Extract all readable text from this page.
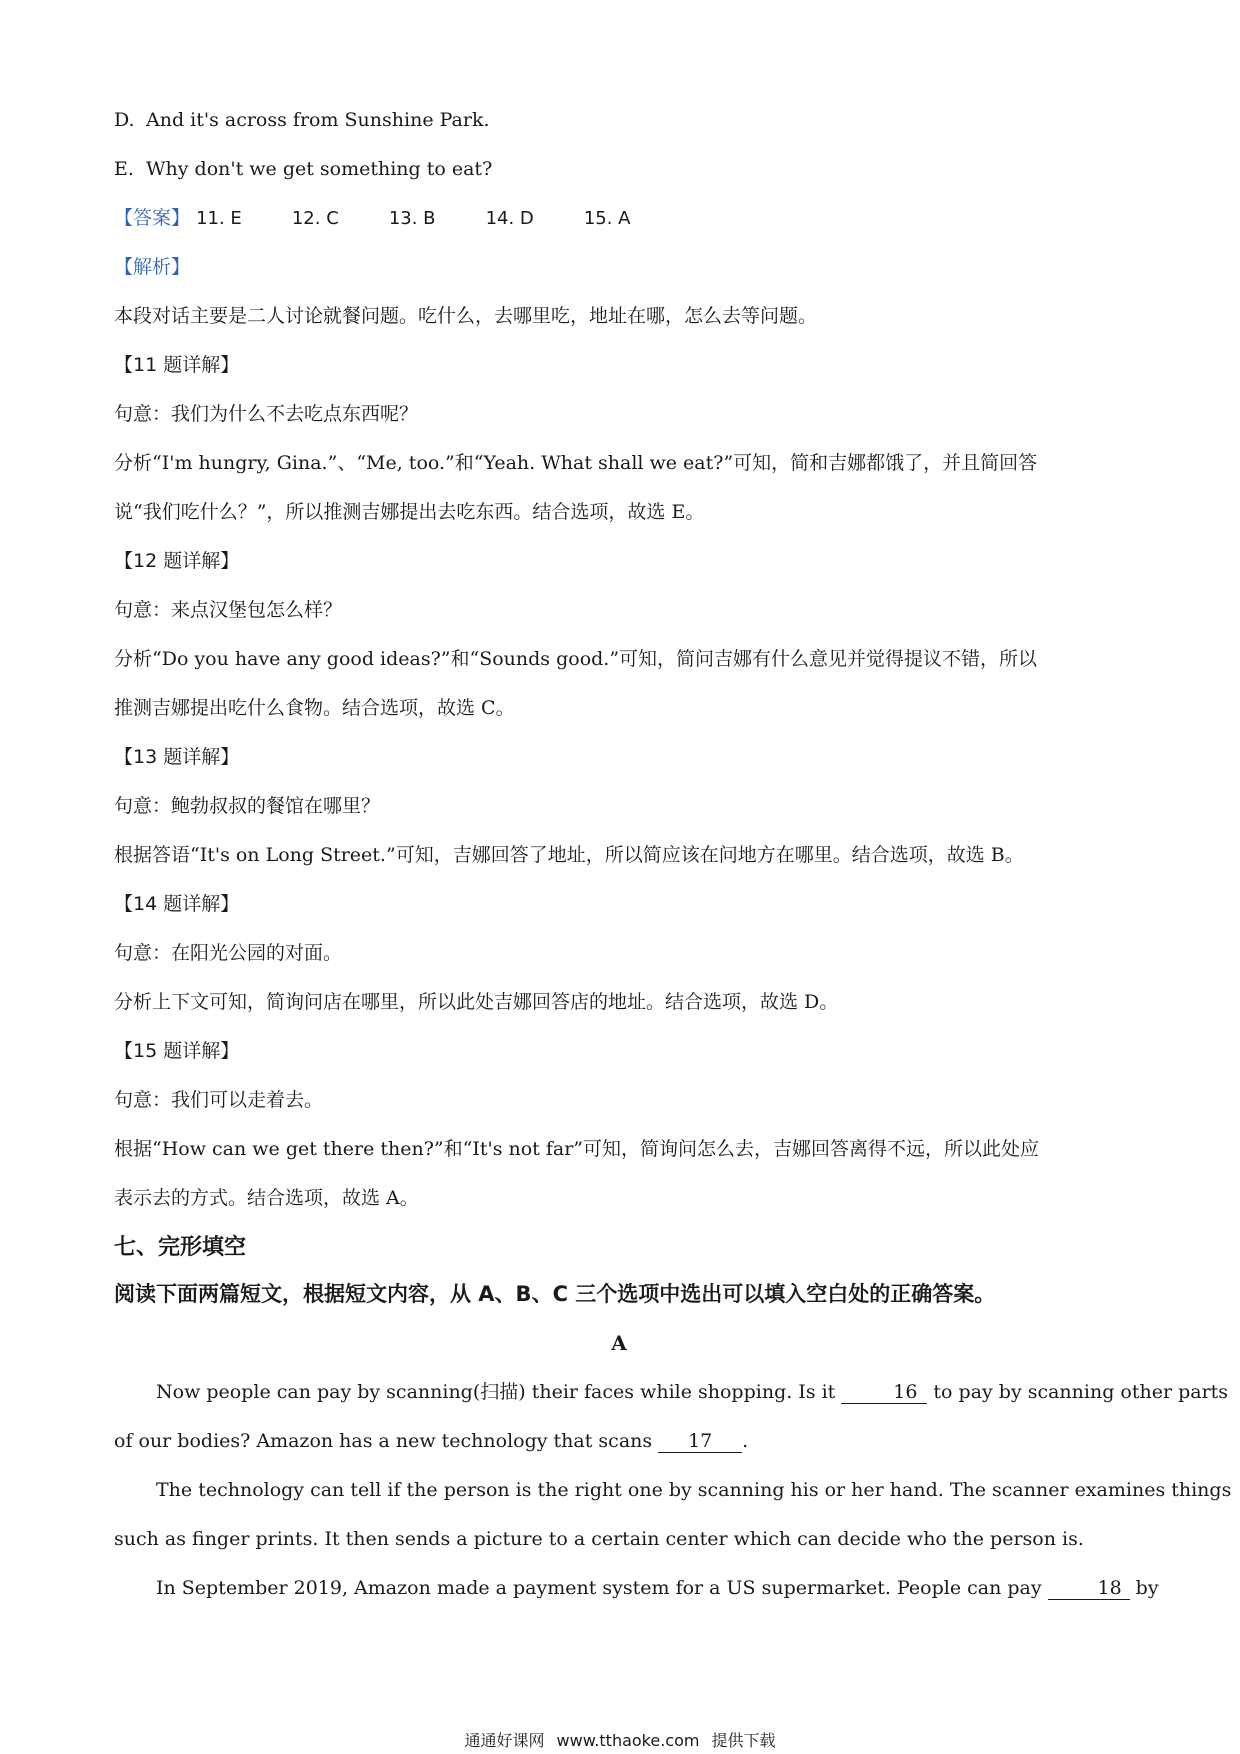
D. And it's across from Sunshine Park.
E. Why don't we get something to eat?
【答案】 11. E	12. C	13. B	14. D	15. A
【解析】
本段对话主要是二人讨论就餐问题。吃什么，去哪里吃，地址在哪，怎么去等问题。
【11 题详解】
句意：我们为什么不去吃点东西呢？
分析“I'm hungry, Gina.”、“Me, too.”和“Yeah. What shall we eat?”可知，简和吉娜都饿了，并且简回答
说“我们吃什么？”，所以推测吉娜提出去吃东西。结合选项，故选 E。
【12 题详解】
句意：来点汉堡包怎么样？
分析“Do you have any good ideas?”和“Sounds good.”可知，简问吉娜有什么意见并觉得提议不错，所以
推测吉娜提出吃什么食物。结合选项，故选 C。
【13 题详解】
句意：鲍勃叔叔的餐馆在哪里？
根据答语“It's on Long Street.”可知，吉娜回答了地址，所以简应该在问地方在哪里。结合选项，故选 B。
【14 题详解】
句意：在阳光公园的对面。
分析上下文可知，简询问店在哪里，所以此处吉娜回答店的地址。结合选项，故选 D。
【15 题详解】
句意：我们可以走着去。
根据“How can we get there then?”和“It's not far”可知，简询问怎么去，吉娜回答离得不远，所以此处应
表示去的方式。结合选项，故选 A。
七、完形填空
阅读下面两篇短文，根据短文内容，从 A、B、C 三个选项中选出可以填入空白处的正确答案。
A
Now people can pay by scanning(扫描) their faces while shopping. Is it	16 to pay by scanning other parts
of our bodies? Amazon has a new technology that scans 17 .
The technology can tell if the person is the right one by scanning his or her hand. The scanner examines things
such as finger prints. It then sends a picture to a certain center which can decide who the person is.
In September 2019, Amazon made a payment system for a US supermarket. People can pay	18 by
通通好课网 www.tthaoke.com 提供下载
